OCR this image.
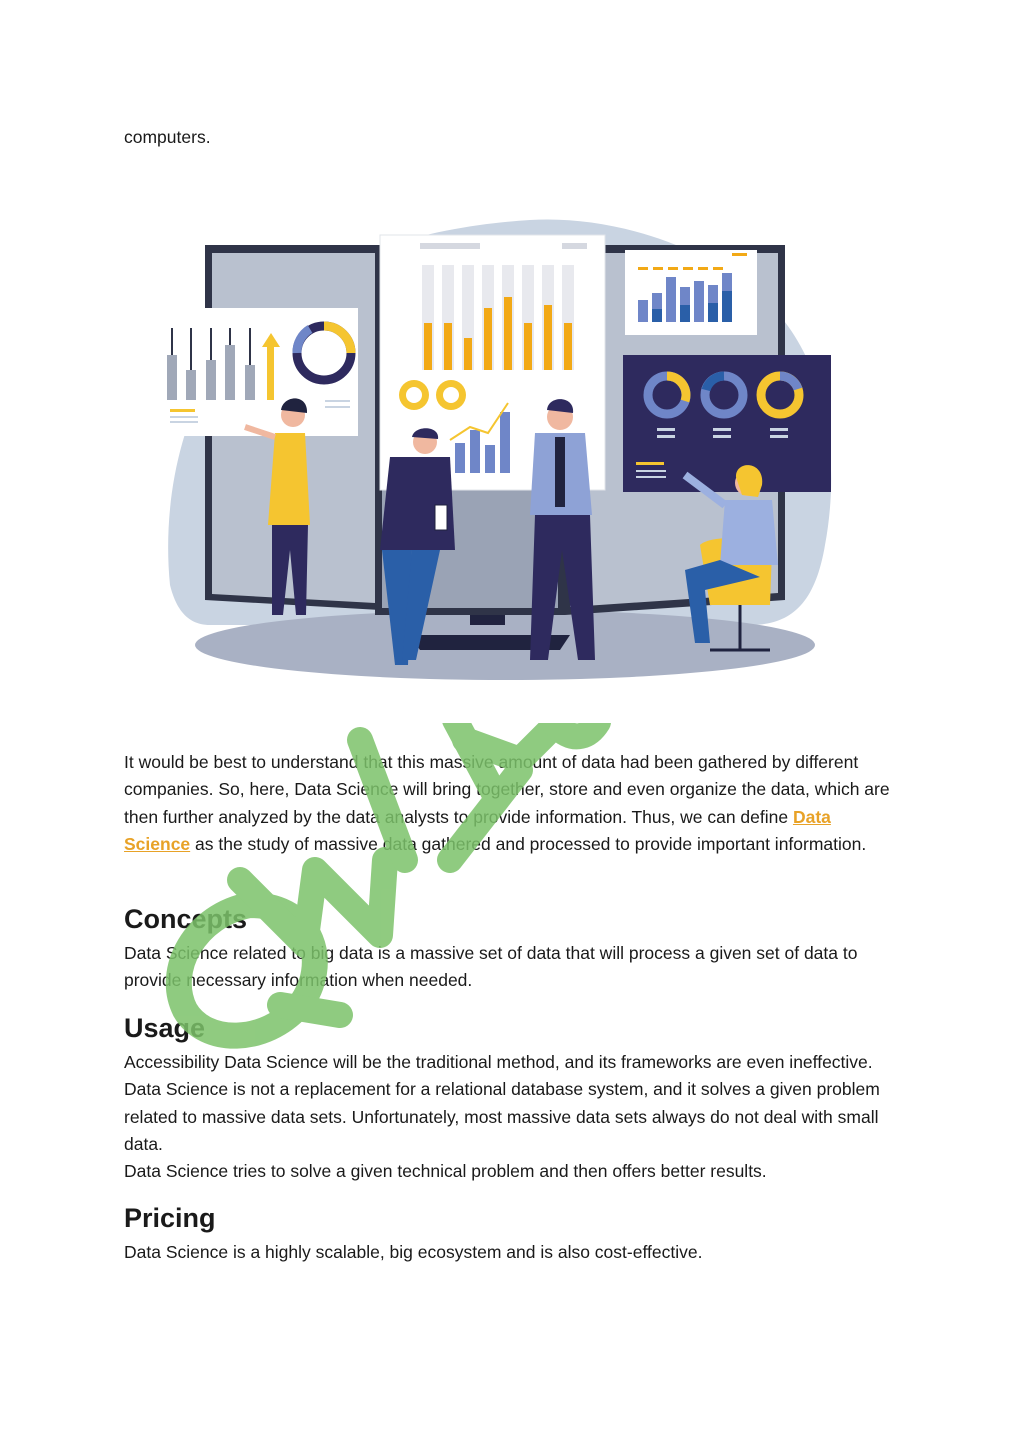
computers.

It would be best to understand that this massive amount of data had been gathered by different companies. So, here, Data Science will bring together, store and even organize the data, which are then further analyzed by the data analysts to provide information. Thus, we can define Data Science as the study of massive data gathered and processed to provide important information.

Concepts

Data Science related to big data is a massive set of data that will process a given set of data to provide necessary information when needed.

Usage

Accessibility Data Science will be the traditional method, and its frameworks are even ineffective. Data Science is not a replacement for a relational database system, and it solves a given problem related to massive data sets. Unfortunately, most massive data sets always do not deal with small data.
Data Science tries to solve a given technical problem and then offers better results.

Pricing

Data Science is a highly scalable, big ecosystem and is also cost-effective.
